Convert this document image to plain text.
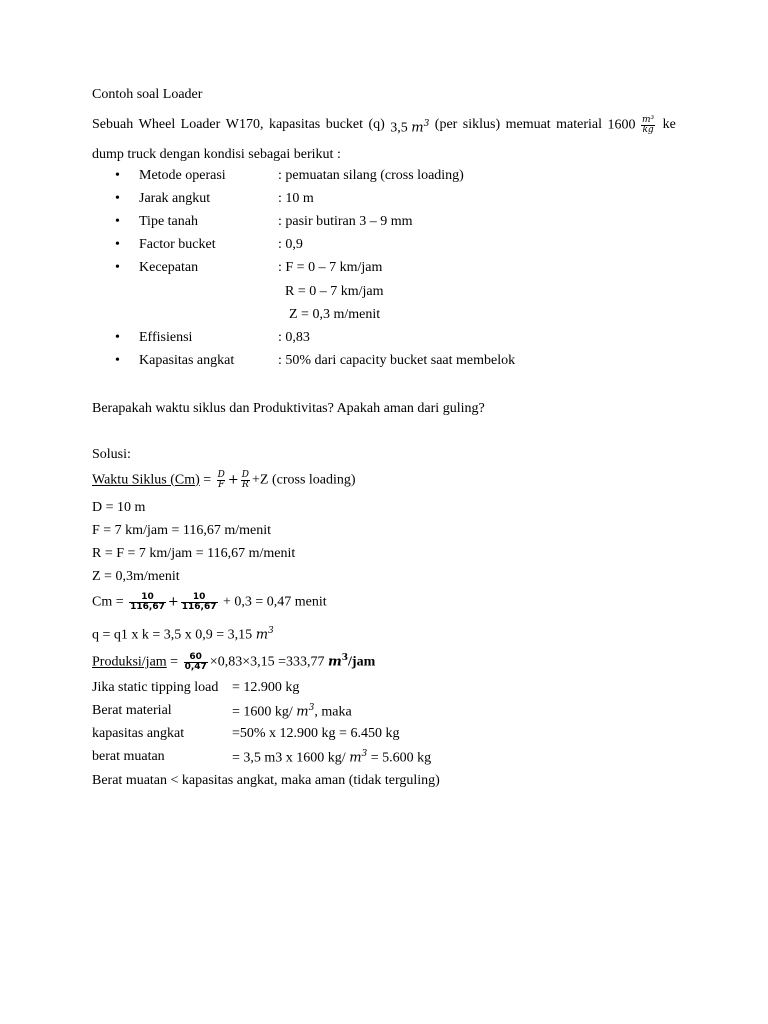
Contoh soal Loader
Sebuah Wheel Loader W170, kapasitas bucket (q) 3,5 $m^3$ (per siklus) memuat material $1600 \frac{\text{m³}}{kg}$ ke
dump truck dengan kondisi sebagai berikut :
• Metode operasi	: pemuatan silang (cross loading)
• Jarak angkut	: 10 m
• Tipe tanah	: pasir butiran 3 – 9 mm
• Factor bucket	: 0,9
• Kecepatan	: F = 0 – 7 km/jam
R = 0 – 7 km/jam
Z = 0,3 m/menit
• Effisiensi	: 0,83
• Kapasitas angkat	: 50% dari capacity bucket saat membelok
Berapakah waktu siklus dan Produktivitas? Apakah aman dari guling?
Solusi:
Waktu Siklus $(Cm) = \frac{D}{F} + \frac{D}{R} +Z$ (cross loading)
D = 10 m
F = 7 km/jam = 116,67 m/menit
R = F = 7 km/jam = 116,67 m/menit
Z = 0,3m/menit
$Cm = \frac{10}{116,67} + \frac{10}{116,67} + 0,3 = 0,47$ menit
q = q1 x k = 3,5 x 0,9 = 3,15 $m^3$
Produksi/jam = $\frac{60}{0,47} \times 0,83\times 3,15 =333,77$ $m^3$/jam
Jika static tipping load = 12.900 kg
Berat material	= 1600 kg/ $m^3$, maka
kapasitas angkat	=50% x 12.900 kg = 6.450 kg
berat muatan	= 3,5 m3 x 1600 kg/ $m^3 = 5.600$ kg
Berat muatan < kapasitas angkat, maka aman (tidak terguling)
